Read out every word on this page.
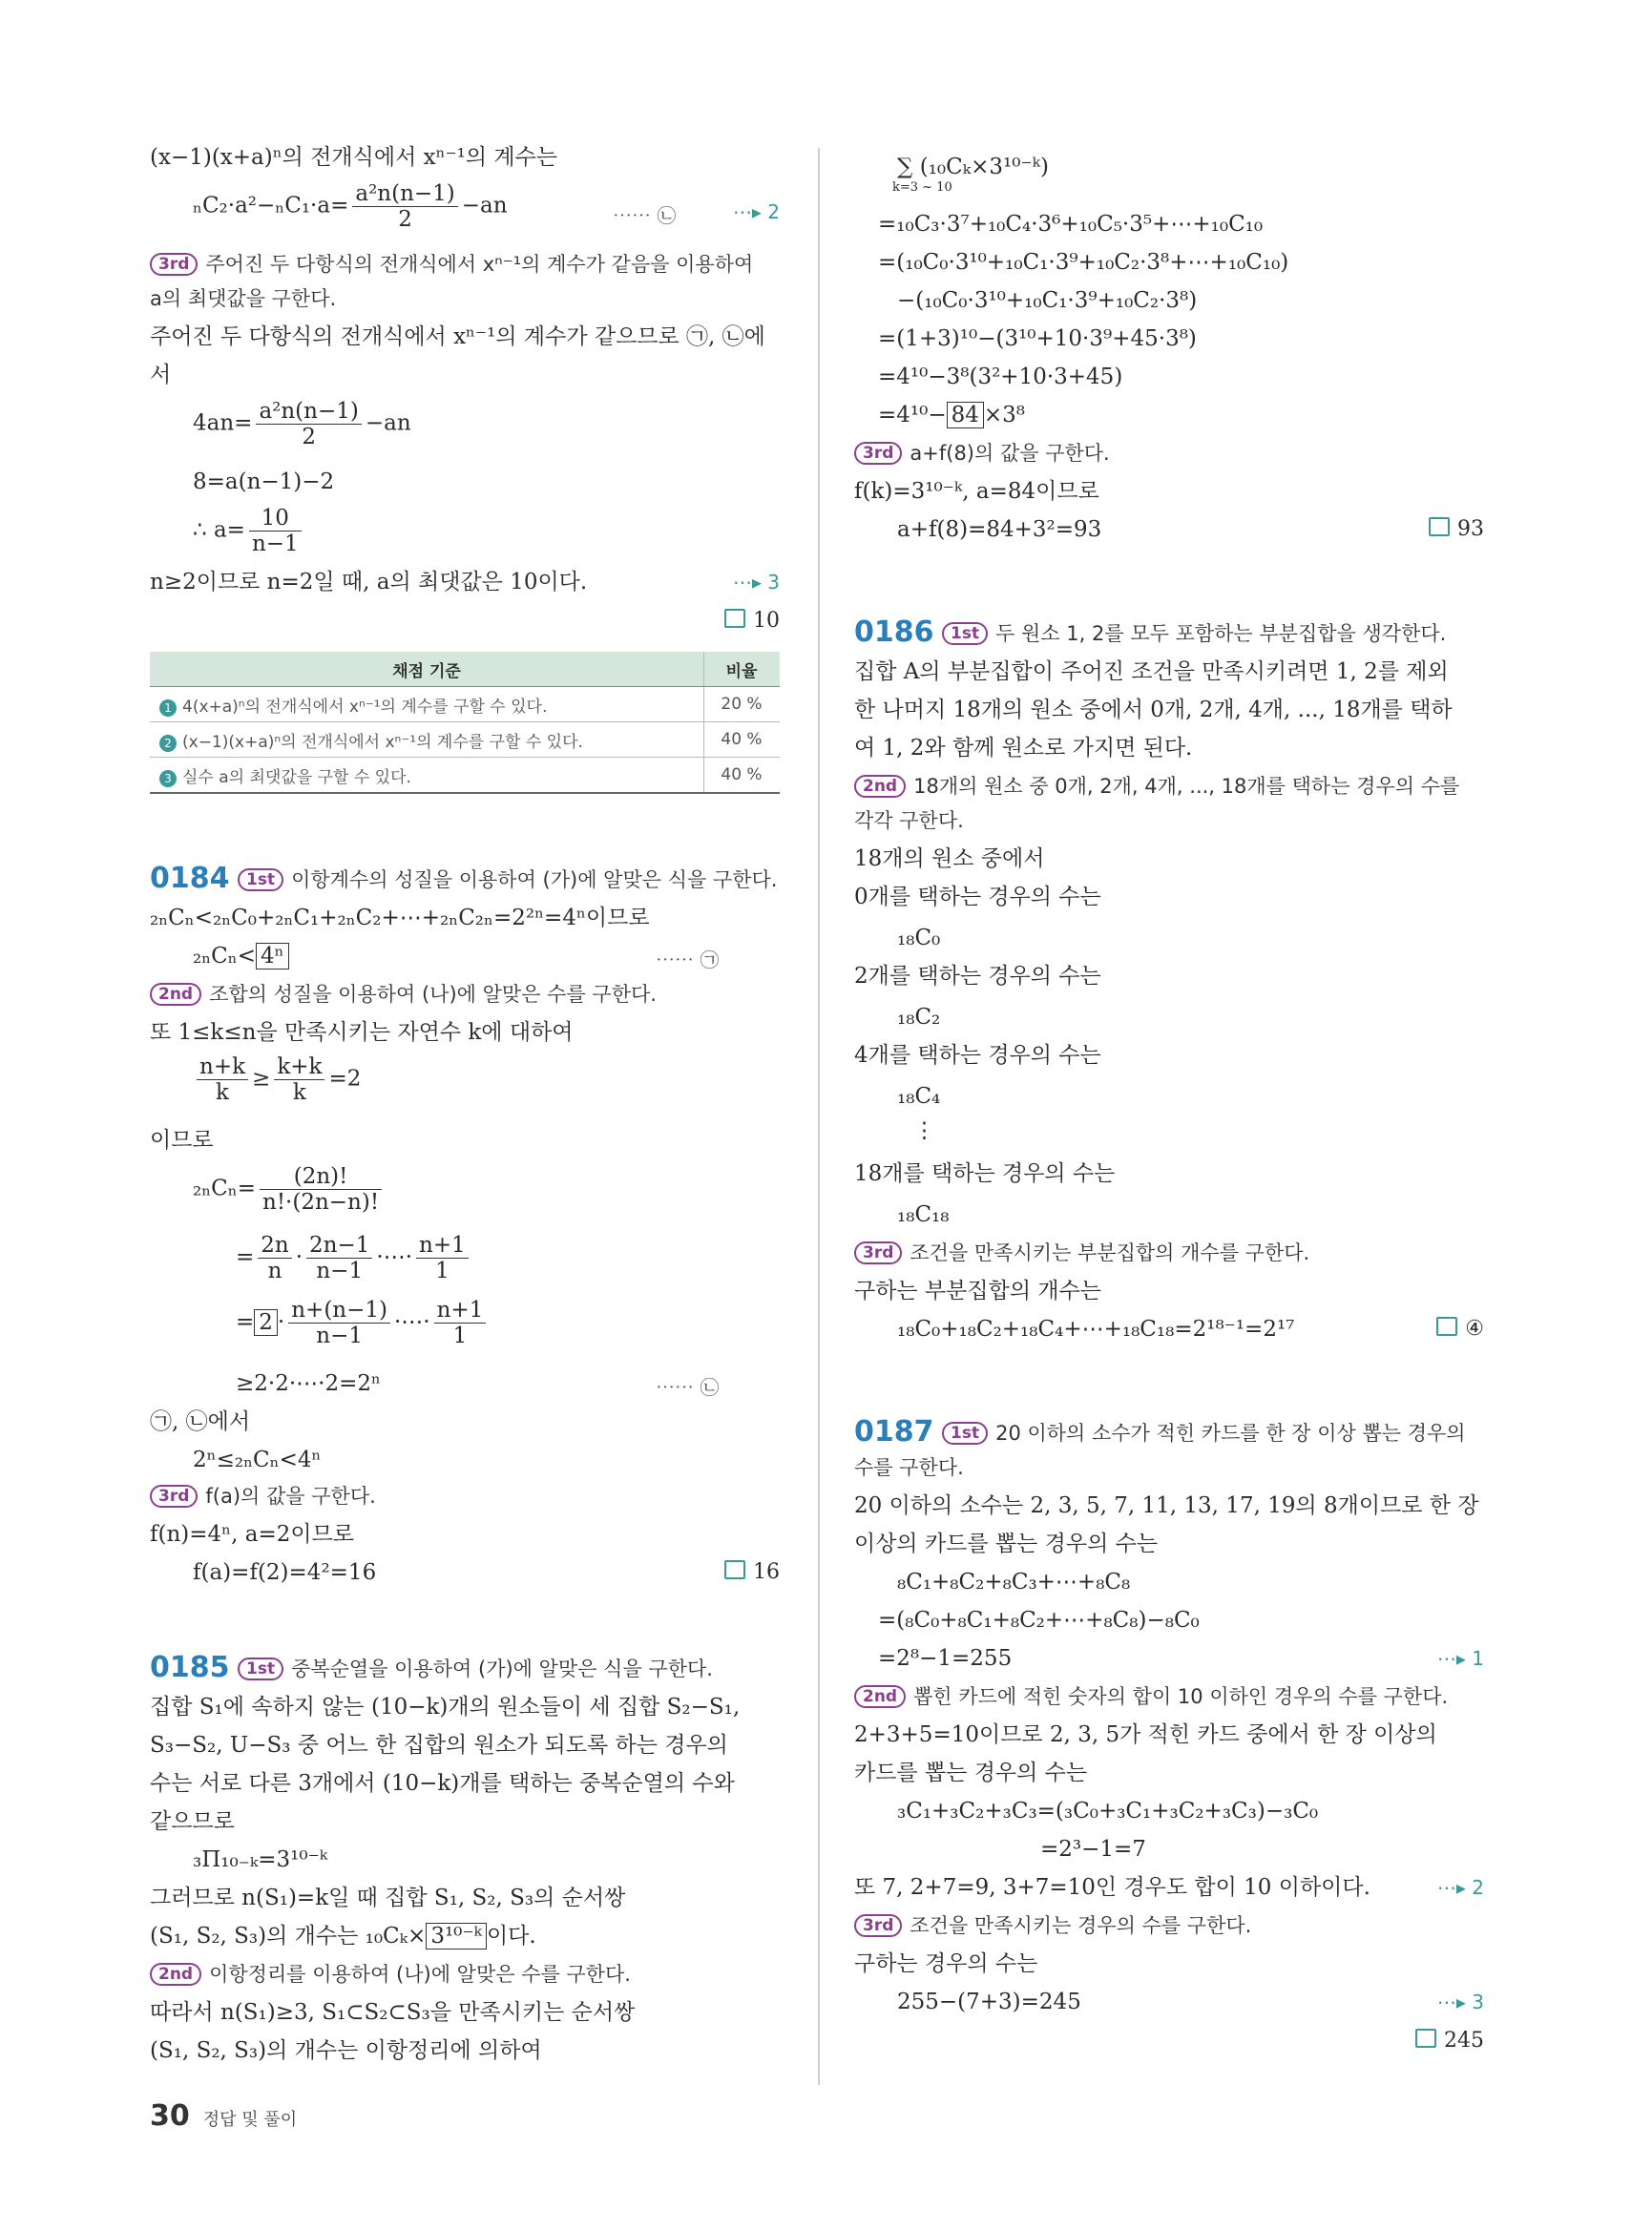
(x−1)(x+a)ⁿ의 전개식에서 xⁿ⁻¹의 계수는
$_nC_2\cdot a^2-_nC_1\cdot a= \frac{\text{a²n(n−1)}}{2} -an$	⋯⋯ ㉡	⋯▸ 2
3rd 주어진 두 다항식의 전개식에서 xⁿ⁻¹의 계수가 같음을 이용하여
a의 최댓값을 구한다.
주어진 두 다항식의 전개식에서 xⁿ⁻¹의 계수가 같으므로 ㉠, ㉡에
서
$4an= \frac{\text{a²n(n−1)}}{2} -an$
8=a(n−1)−2
∴ $a= \frac{10}{n-1}$
n≥2이므로 n=2일 때, a의 최댓값은 10이다.	⋯▸ 3
10
채점 기준	비율
1 4(x+a)ⁿ의 전개식에서 xⁿ⁻¹의 계수를 구할 수 있다.	20 %
2 (x−1)(x+a)ⁿ의 전개식에서 xⁿ⁻¹의 계수를 구할 수 있다.	40 %
3 실수 a의 최댓값을 구할 수 있다.	40 %
0184	1st 이항계수의 성질을 이용하여 (가)에 알맞은 식을 구한다.
₂ₙCₙ<₂ₙC₀+₂ₙC₁+₂ₙC₂+⋯+₂ₙC₂ₙ=2²ⁿ=4ⁿ이므로
₂ₙCₙ< 4ⁿ	⋯⋯ ㉠
2nd 조합의 성질을 이용하여 (나)에 알맞은 수를 구한다.
또 1≤k≤n을 만족시키는 자연수 k에 대하여
$\frac{n+k}{k} \ge \frac{k+k}{k} =2$
이므로
$_{2n}C_n= \frac{(2n)!}{n!\cdot(2n-n)!}$
= $\frac{2n}{n} \cdot \frac{2n-1}{n-1}$ ·⋯· $\frac{n+1}{1}$
= $2 \cdot \frac{n+(n-1)}{n-1}$ ·⋯· $\frac{n+1}{1}$
≥2·2·⋯·2=2ⁿ	⋯⋯ ㉡
㉠, ㉡에서
2ⁿ≤₂ₙCₙ<4ⁿ
3rd f(a)의 값을 구한다.
f(n)=4ⁿ, a=2이므로
f(a)=f(2)=4²=16	16
0185	1st 중복순열을 이용하여 (가)에 알맞은 식을 구한다.
집합 S₁에 속하지 않는 (10−k)개의 원소들이 세 집합 S₂−S₁,
S₃−S₂, U−S₃ 중 어느 한 집합의 원소가 되도록 하는 경우의
수는 서로 다른 3개에서 (10−k)개를 택하는 중복순열의 수와
같으므로
₃Π₁₀₋ₖ=3¹⁰⁻ᵏ
그러므로 n(S₁)=k일 때 집합 S₁, S₂, S₃의 순서쌍
(S₁, S₂, S₃)의 개수는 ₁₀Cₖ× 3¹⁰⁻ᵏ 이다.
2nd 이항정리를 이용하여 (나)에 알맞은 수를 구한다.
따라서 n(S₁)≥3, S₁⊂S₂⊂S₃을 만족시키는 순서쌍
(S₁, S₂, S₃)의 개수는 이항정리에 의하여
∑ (₁₀Cₖ×3¹⁰⁻ᵏ)
k=3 ~ 10
=₁₀C₃·3⁷+₁₀C₄·3⁶+₁₀C₅·3⁵+⋯+₁₀C₁₀
=(₁₀C₀·3¹⁰+₁₀C₁·3⁹+₁₀C₂·3⁸+⋯+₁₀C₁₀)
−(₁₀C₀·3¹⁰+₁₀C₁·3⁹+₁₀C₂·3⁸)
=(1+3)¹⁰−(3¹⁰+10·3⁹+45·3⁸)
=4¹⁰−3⁸(3²+10·3+45)
=4¹⁰− 84 ×3⁸
3rd a+f(8)의 값을 구한다.
f(k)=3¹⁰⁻ᵏ, a=84이므로
a+f(8)=84+3²=93	93
0186	1st 두 원소 1, 2를 모두 포함하는 부분집합을 생각한다.
집합 A의 부분집합이 주어진 조건을 만족시키려면 1, 2를 제외
한 나머지 18개의 원소 중에서 0개, 2개, 4개, ..., 18개를 택하
여 1, 2와 함께 원소로 가지면 된다.
2nd 18개의 원소 중 0개, 2개, 4개, ..., 18개를 택하는 경우의 수를
각각 구한다.
18개의 원소 중에서
0개를 택하는 경우의 수는
₁₈C₀
2개를 택하는 경우의 수는
₁₈C₂
4개를 택하는 경우의 수는
₁₈C₄
⋮
18개를 택하는 경우의 수는
₁₈C₁₈
3rd 조건을 만족시키는 부분집합의 개수를 구한다.
구하는 부분집합의 개수는
₁₈C₀+₁₈C₂+₁₈C₄+⋯+₁₈C₁₈=2¹⁸⁻¹=2¹⁷	④
0187	1st 20 이하의 소수가 적힌 카드를 한 장 이상 뽑는 경우의
수를 구한다.
20 이하의 소수는 2, 3, 5, 7, 11, 13, 17, 19의 8개이므로 한 장
이상의 카드를 뽑는 경우의 수는
₈C₁+₈C₂+₈C₃+⋯+₈C₈
=(₈C₀+₈C₁+₈C₂+⋯+₈C₈)−₈C₀
=2⁸−1=255	⋯▸ 1
2nd 뽑힌 카드에 적힌 숫자의 합이 10 이하인 경우의 수를 구한다.
2+3+5=10이므로 2, 3, 5가 적힌 카드 중에서 한 장 이상의
카드를 뽑는 경우의 수는
₃C₁+₃C₂+₃C₃=(₃C₀+₃C₁+₃C₂+₃C₃)−₃C₀
=2³−1=7
또 7, 2+7=9, 3+7=10인 경우도 합이 10 이하이다.	⋯▸ 2
3rd 조건을 만족시키는 경우의 수를 구한다.
구하는 경우의 수는
255−(7+3)=245	⋯▸ 3
245
30 정답 및 풀이
